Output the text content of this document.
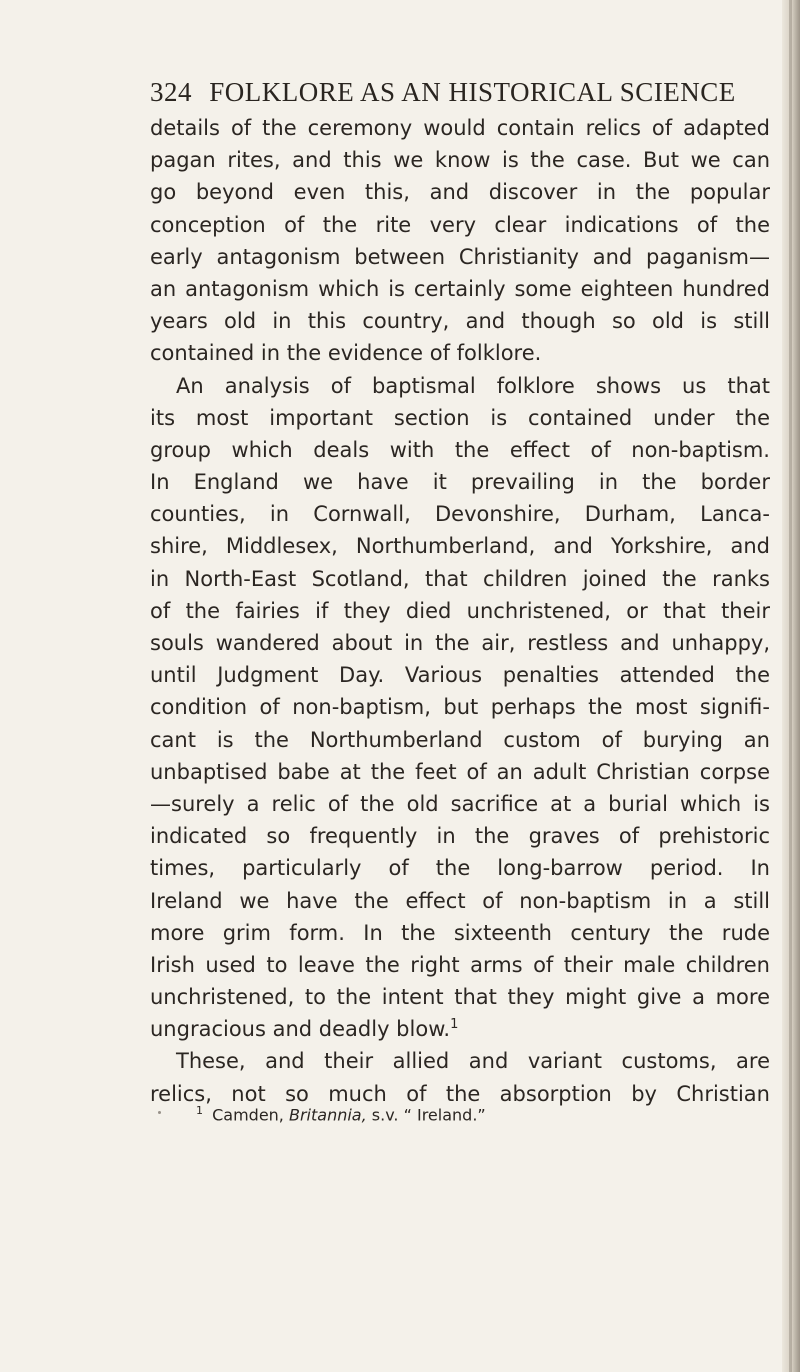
324 FOLKLORE AS AN HISTORICAL SCIENCE
details of the ceremony would contain relics of adapted
pagan rites, and this we know is the case. But we can
go beyond even this, and discover in the popular
conception of the rite very clear indications of the
early antagonism between Christianity and paganism—
an antagonism which is certainly some eighteen hundred
years old in this country, and though so old is still
contained in the evidence of folklore.
An analysis of baptismal folklore shows us that
its most important section is contained under the
group which deals with the effect of non-baptism.
In England we have it prevailing in the border
counties, in Cornwall, Devonshire, Durham, Lanca-
shire, Middlesex, Northumberland, and Yorkshire, and
in North-East Scotland, that children joined the ranks
of the fairies if they died unchristened, or that their
souls wandered about in the air, restless and unhappy,
until Judgment Day. Various penalties attended the
condition of non-baptism, but perhaps the most signifi-
cant is the Northumberland custom of burying an
unbaptised babe at the feet of an adult Christian corpse
—surely a relic of the old sacrifice at a burial which is
indicated so frequently in the graves of prehistoric
times, particularly of the long-barrow period. In
Ireland we have the effect of non-baptism in a still
more grim form. In the sixteenth century the rude
Irish used to leave the right arms of their male children
unchristened, to the intent that they might give a more
ungracious and deadly blow.$^1$
These, and their allied and variant customs, are
relics, not so much of the absorption by Christian
$^1$ Camden, Britannia, s.v. “ Ireland.”
